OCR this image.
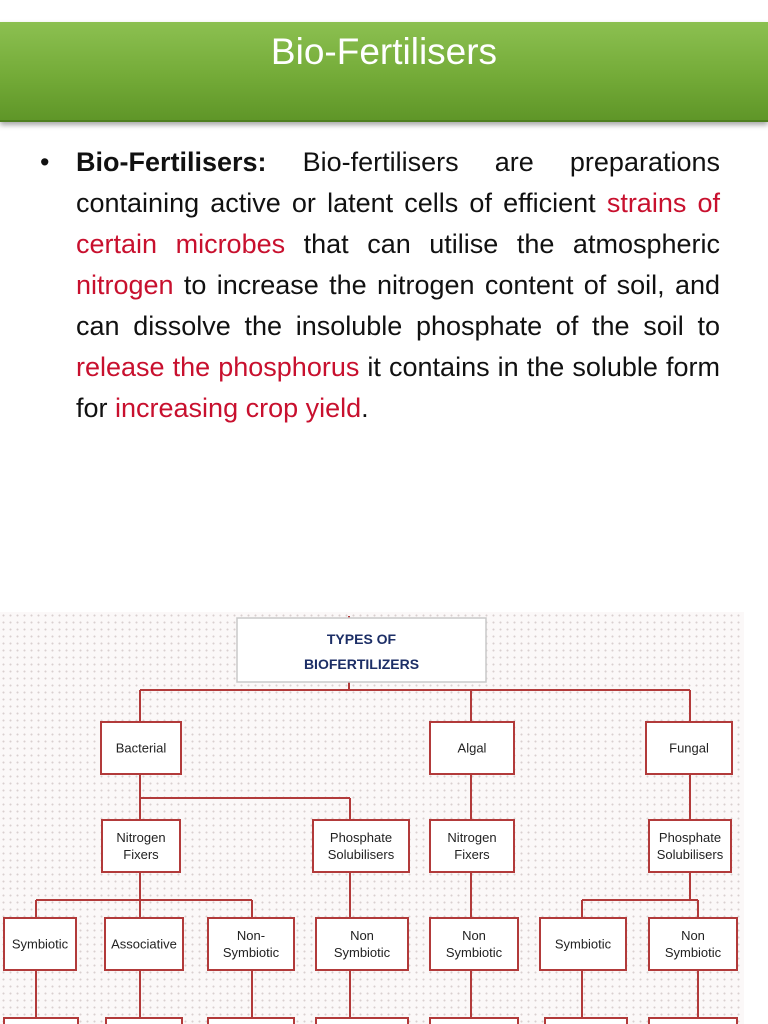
Bio-Fertilisers
• Bio-Fertilisers: Bio-fertilisers are preparations containing active or latent cells of efficient strains of certain microbes that can utilise the atmospheric nitrogen to increase the nitrogen content of soil, and can dissolve the insoluble phosphate of the soil to release the phosphorus it contains in the soluble form for increasing crop yield.
TYPES OF
BIOFERTILIZERS
Bacterial	Algal	Fungal
Nitrogen
Fixers
Phosphate
Solubilisers
Nitrogen
Fixers
Phosphate
Solubilisers
Symbiotic	Associative
Non-
Symbiotic
Non
Symbiotic
Non
Symbiotic
Symbiotic
Non
Symbiotic
